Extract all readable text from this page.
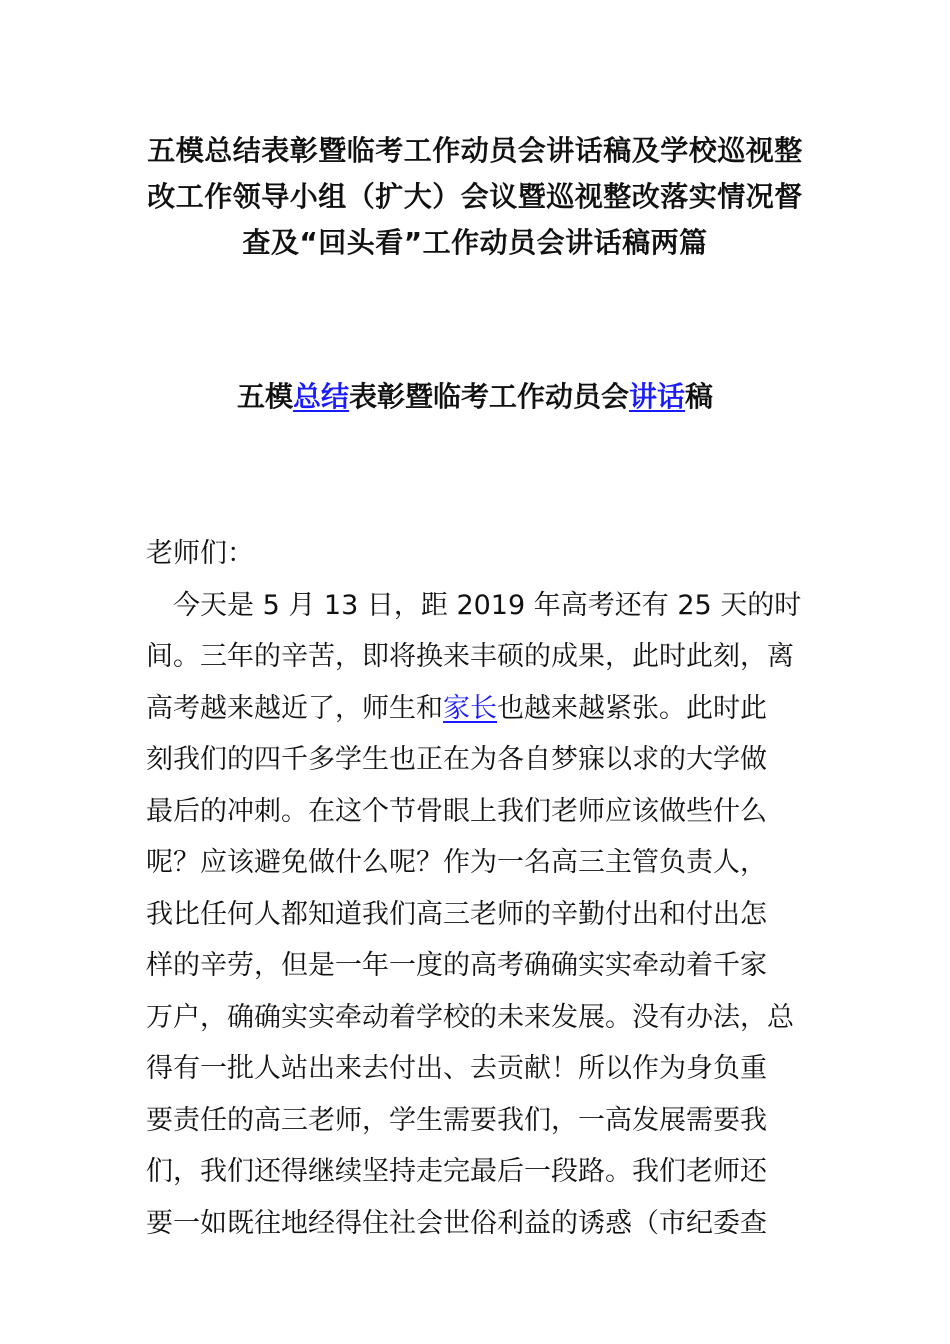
五模总结表彰暨临考工作动员会讲话稿及学校巡视整
改工作领导小组（扩大）会议暨巡视整改落实情况督
查及“回头看”工作动员会讲话稿两篇
五模总结表彰暨临考工作动员会讲话稿
老师们：
　今天是 5 月 13 日，距 2019 年高考还有 25 天的时
间。三年的辛苦，即将换来丰硕的成果，此时此刻，离
高考越来越近了，师生和家长也越来越紧张。此时此
刻我们的四千多学生也正在为各自梦寐以求的大学做
最后的冲刺。在这个节骨眼上我们老师应该做些什么
呢？应该避免做什么呢？作为一名高三主管负责人，
我比任何人都知道我们高三老师的辛勤付出和付出怎
样的辛劳，但是一年一度的高考确确实实牵动着千家
万户，确确实实牵动着学校的未来发展。没有办法，总
得有一批人站出来去付出、去贡献！所以作为身负重
要责任的高三老师，学生需要我们，一高发展需要我
们，我们还得继续坚持走完最后一段路。我们老师还
要一如既往地经得住社会世俗利益的诱惑（市纪委查
